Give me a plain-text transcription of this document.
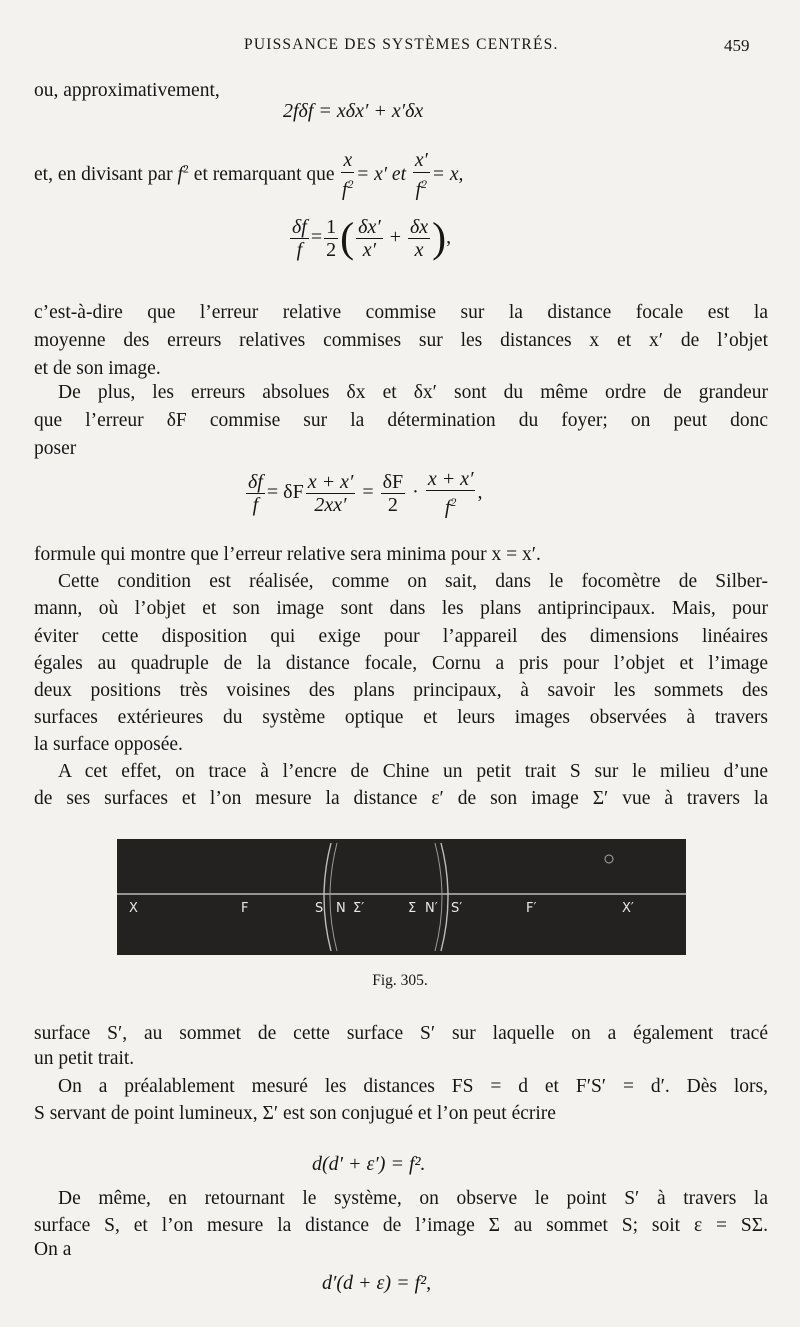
PUISSANCE DES SYSTÈMES CENTRÉS.	459
ou, approximativement,
2fδf = xδx′ + x′δx
et, en divisant par $f^2$ et remarquant que $\frac{x}{f^2} = x'$ et $\frac{x'}{f^2} = x$,
$\frac{\delta f}{f} = \frac{1}{2}$ ( $\frac{\delta x'}{x'} + \frac{\delta x}{x}$ ),
c’est-à-dire que l’erreur relative commise sur la distance focale est la
moyenne des erreurs relatives commises sur les distances x et x′ de l’objet
et de son image.
De plus, les erreurs absolues δx et δx′ sont du même ordre de grandeur
que l’erreur δF commise sur la détermination du foyer; on peut donc
poser
$\frac{\delta f}{f} = \delta F \frac{x + x'}{2xx'} = \frac{\delta F}{2} \cdot \frac{x + x'}{f^2}$ ,
formule qui montre que l’erreur relative sera minima pour x = x′.
Cette condition est réalisée, comme on sait, dans le focomètre de Silber-
mann, où l’objet et son image sont dans les plans antiprincipaux. Mais, pour
éviter cette disposition qui exige pour l’appareil des dimensions linéaires
égales au quadruple de la distance focale, Cornu a pris pour l’objet et l’image
deux positions très voisines des plans principaux, à savoir les sommets des
surfaces extérieures du système optique et leurs images observées à travers
la surface opposée.
A cet effet, on trace à l’encre de Chine un petit trait S sur le milieu d’une
de ses surfaces et l’on mesure la distance ε′ de son image Σ′ vue à travers la
X	F	S N Σ′	Σ N′ S′	F′	X′
Fig. 305.
surface S′, au sommet de cette surface S′ sur laquelle on a également tracé
un petit trait.
On a préalablement mesuré les distances FS = d et F′S′ = d′. Dès lors,
S servant de point lumineux, Σ′ est son conjugué et l’on peut écrire
d(d′ + ε′) = f².
De même, en retournant le système, on observe le point S′ à travers la
surface S, et l’on mesure la distance de l’image Σ au sommet S; soit ε = SΣ.
On a
d′(d + ε) = f²,
